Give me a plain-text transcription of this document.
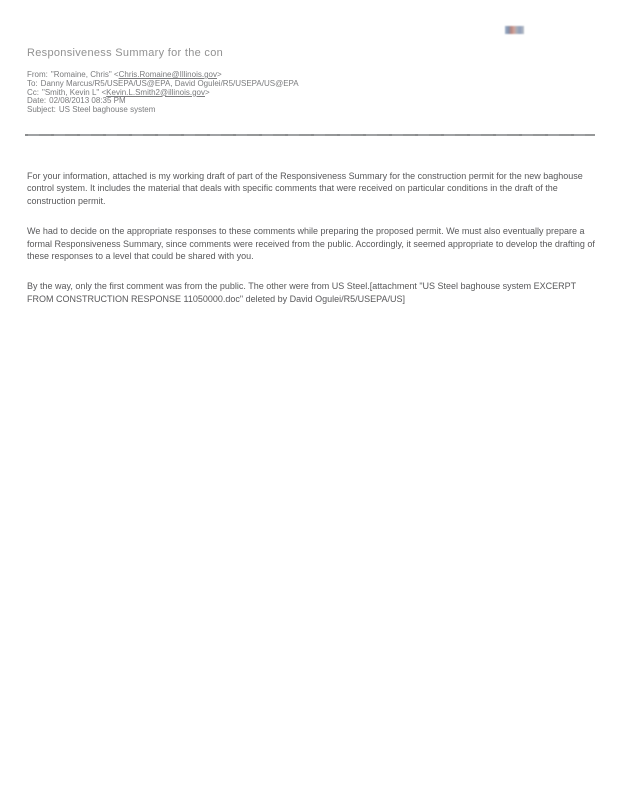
Responsiveness Summary for the con
From: "Romaine, Chris" <Chris.Romaine@Illinois.gov>
To: Danny Marcus/R5/USEPA/US@EPA, David Ogulei/R5/USEPA/US@EPA
Cc: "Smith, Kevin L" <Kevin.L.Smith2@illinois.gov>
Date: 02/08/2013 08:35 PM
Subject: US Steel baghouse system

For your information, attached is my working draft of part of the Responsiveness Summary for the construction permit for the new baghouse control system. It includes the material that deals with specific comments that were received on particular conditions in the draft of the construction permit.

We had to decide on the appropriate responses to these comments while preparing the proposed permit. We must also eventually prepare a formal Responsiveness Summary, since comments were received from the public. Accordingly, it seemed appropriate to develop the drafting of these responses to a level that could be shared with you.

By the way, only the first comment was from the public. The other were from US Steel.[attachment "US Steel baghouse system EXCERPT FROM CONSTRUCTION RESPONSE 11050000.doc" deleted by David Ogulei/R5/USEPA/US]
